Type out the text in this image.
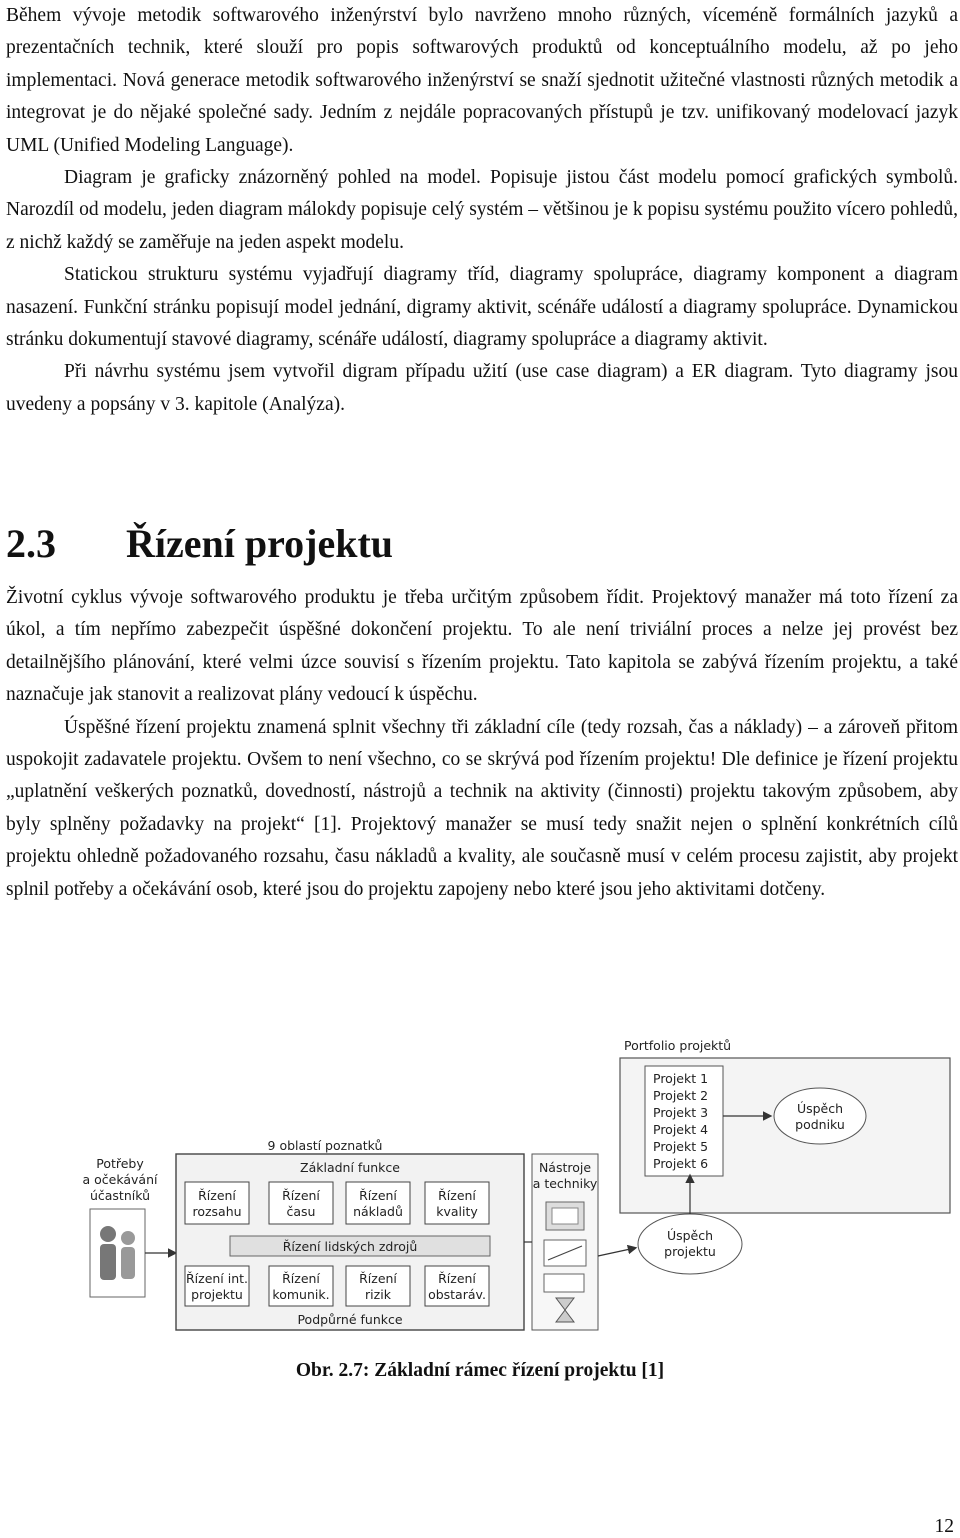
Během vývoje metodik softwarového inženýrství bylo navrženo mnoho různých, víceméně formálních jazyků a prezentačních technik, které slouží pro popis softwarových produktů od konceptuálního modelu, až po jeho implementaci. Nová generace metodik softwarového inženýrství se snaží sjednotit užitečné vlastnosti různých metodik a integrovat je do nějaké společné sady. Jedním z nejdále popracovaných přístupů je tzv. unifikovaný modelovací jazyk UML (Unified Modeling Language).

Diagram je graficky znázorněný pohled na model. Popisuje jistou část modelu pomocí grafických symbolů. Narozdíl od modelu, jeden diagram málokdy popisuje celý systém – většinou je k popisu systému použito vícero pohledů, z nichž každý se zaměřuje na jeden aspekt modelu.

Statickou strukturu systému vyjadřují diagramy tříd, diagramy spolupráce, diagramy komponent a diagram nasazení. Funkční stránku popisují model jednání, digramy aktivit, scénáře událostí a diagramy spolupráce. Dynamickou stránku dokumentují stavové diagramy, scénáře událostí, diagramy spolupráce a diagramy aktivit.

Při návrhu systému jsem vytvořil digram případu užití (use case diagram) a ER diagram. Tyto diagramy jsou uvedeny a popsány v 3. kapitole (Analýza).

2.3 Řízení projektu

Životní cyklus vývoje softwarového produktu je třeba určitým způsobem řídit. Projektový manažer má toto řízení za úkol, a tím nepřímo zabezpečit úspěšné dokončení projektu. To ale není triviální proces a nelze jej provést bez detailnějšího plánování, které velmi úzce souvisí s řízením projektu. Tato kapitola se zabývá řízením projektu, a také naznačuje jak stanovit a realizovat plány vedoucí k úspěchu.

Úspěšné řízení projektu znamená splnit všechny tři základní cíle (tedy rozsah, čas a náklady) – a zároveň přitom uspokojit zadavatele projektu. Ovšem to není všechno, co se skrývá pod řízením projektu! Dle definice je řízení projektu „uplatnění veškerých poznatků, dovedností, nástrojů a technik na aktivity (činnosti) projektu takovým způsobem, aby byly splněny požadavky na projekt“ [1]. Projektový manažer se musí tedy snažit nejen o splnění konkrétních cílů projektu ohledně požadovaného rozsahu, času nákladů a kvality, ale současně musí v celém procesu zajistit, aby projekt splnil potřeby a očekávání osob, které jsou do projektu zapojeny nebo které jsou jeho aktivitami dotčeny.

Portfolio projektů
Projekt 1
Projekt 2
Projekt 3
Projekt 4
Projekt 5
Projekt 6
Úspěch
podniku
Úspěch
projektu
Potřeby
a očekávání
účastníků
9 oblastí poznatků
Základní funkce
Řízení
rozsahu
Řízení
času
Řízení
nákladů
Řízení
kvality
Řízení lidských zdrojů
Řízení int.
projektu
Řízení
komunik.
Řízení
rizik
Řízení
obstaráv.
Podpůrné funkce
Nástroje
a techniky
Obr. 2.7: Základní rámec řízení projektu [1]
12
